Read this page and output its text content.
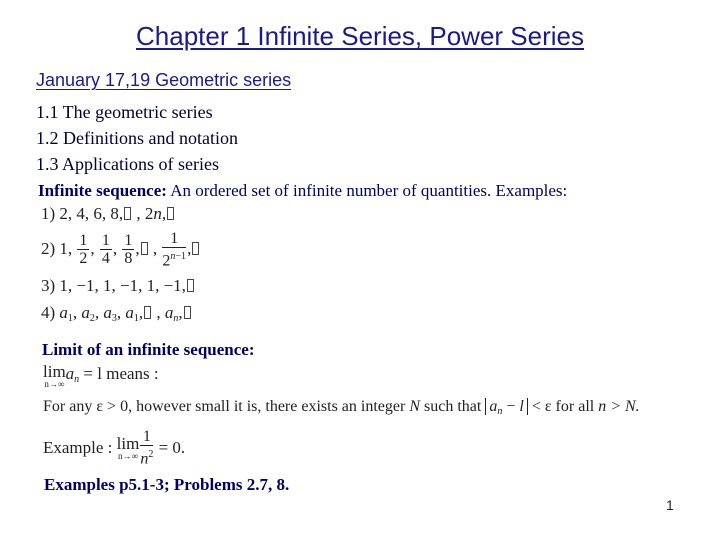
Chapter 1 Infinite Series, Power Series
January 17,19 Geometric series
1.1 The geometric series
1.2 Definitions and notation
1.3 Applications of series
Infinite sequence: An ordered set of infinite number of quantities. Examples:
1) 2, 4, 6, 8, , 2n,
2) 1, $\frac{1}{2}$ , $\frac{1}{4}$ , $\frac{1}{8}$ , , $\frac{1}{2^{n-1}}$ ,
3) 1, −1, 1, −1, 1, −1,
4) $a_1$, $a_2$, $a_3$, $a_1$, , $a_n$,
Limit of an infinite sequence:
lim
n→∞
$a_n = l$ means :
For any ε > 0, however small it is, there exists an integer N such that $a_n - l < \varepsilon$ for all n > N.
Example : lim
$n\to\infty \frac{1}{n^2} = 0$.
Examples p5.1-3; Problems 2.7, 8.
1
